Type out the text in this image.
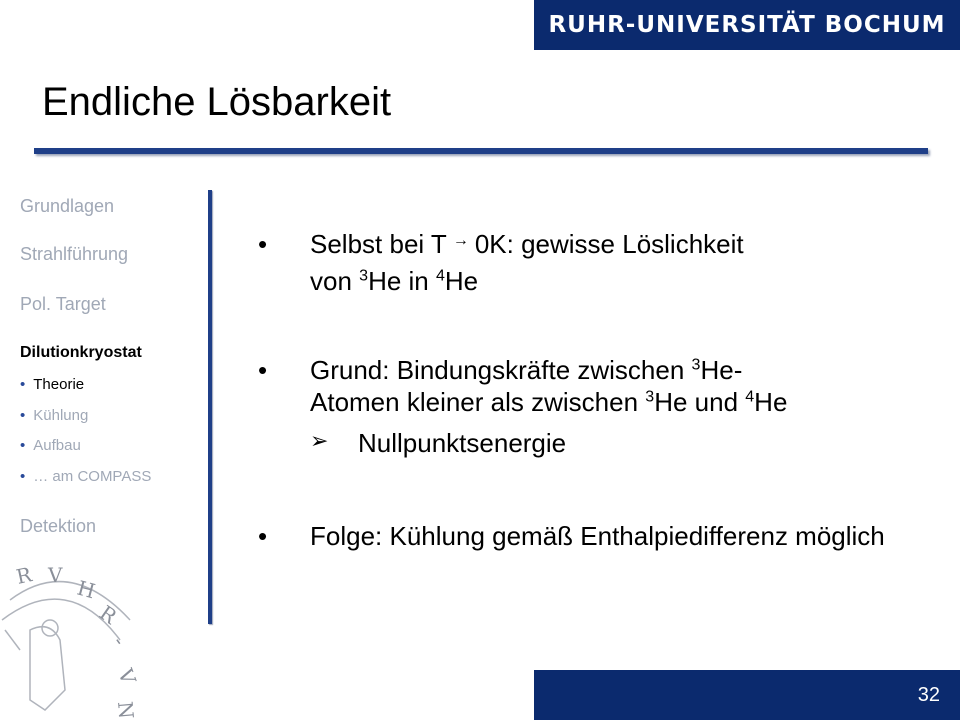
RUHR-UNIVERSITÄT BOCHUM
Endliche Lösbarkeit
Grundlagen
Strahlführung
Pol. Target
Dilutionkryostat
• Theorie
• Kühlung
• Aufbau
• … am COMPASS
Detektion
R V
H
R
-
V
N
• Selbst bei T → 0K: gewisse Löslichkeit
von $^3$He in $^4$He
• Grund: Bindungskräfte zwischen $^3$He-
Atomen kleiner als zwischen $^3$He und $^4$He
➢ Nullpunktsenergie
• Folge: Kühlung gemäß Enthalpiedifferenz möglich
32
